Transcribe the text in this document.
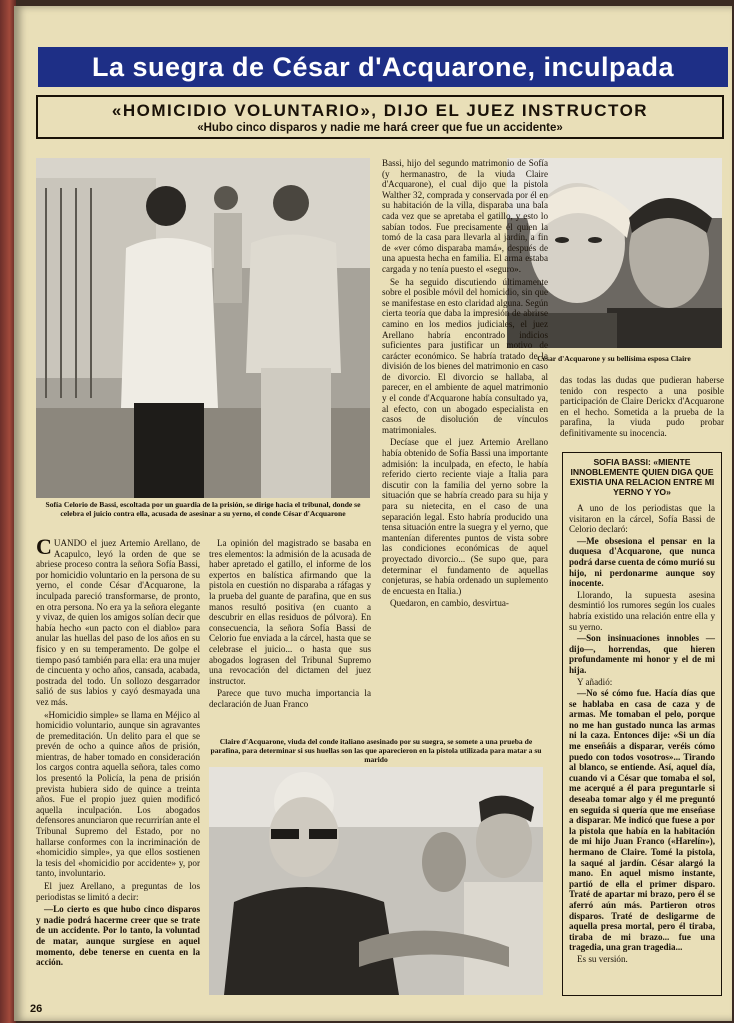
La suegra de César d'Acquarone, inculpada
«HOMICIDIO VOLUNTARIO», DIJO EL JUEZ INSTRUCTOR
«Hubo cinco disparos y nadie me hará creer que fue un accidente»
Sofía Celorio de Bassi, escoltada por un guardia de la prisión, se dirige hacia el tribunal, donde se celebra el juicio contra ella, acusada de asesinar a su yerno, el conde César d'Acquarone
César d'Acquarone y su bellísima esposa Claire
Claire d'Acquarone, viuda del conde italiano asesinado por su suegra, se somete a una prueba de parafina, para determinar si sus huellas son las que aparecieron en la pistola utilizada para matar a su marido

CUANDO el juez Artemio Arellano, de Acapulco, leyó la orden de que se abriese proceso contra la señora Sofía Bassi, por homicidio voluntario en la persona de su yerno, el conde César d'Acquarone, la inculpada pareció transformarse, de pronto, en otra persona. No era ya la señora elegante y vivaz, de quien los amigos solían decir que había hecho «un pacto con el diablo» para anular las huellas del paso de los años en su físico y en su temperamento. De golpe el tiempo pasó también para ella: era una mujer de cincuenta y ocho años, cansada, acabada, postrada del todo. Un sollozo desgarrador salió de sus labios y cayó desmayada una vez más.

«Homicidio simple» se llama en Méjico al homicidio voluntario, aunque sin agravantes de premeditación. Un delito para el que se prevén de ocho a quince años de prisión, mientras, de haber tomado en consideración los cargos contra aquella señora, tales como los presentó la Policía, la pena de prisión prevista hubiera sido de quince a treinta años. Fue el propio juez quien modificó aquella inculpación. Los abogados defensores anunciaron que recurrirían ante el Tribunal Supremo del Estado, por no hallarse conformes con la incriminación de «homicidio simple», ya que ellos sostienen la tesis del «homicidio por accidente» y, por tanto, involuntario.

El juez Arellano, a preguntas de los periodistas se limitó a decir:

—Lo cierto es que hubo cinco disparos y nadie podrá hacerme creer que se trate de un accidente. Por lo tanto, la voluntad de matar, aunque surgiese en aquel momento, debe tenerse en cuenta en la acción.

La opinión del magistrado se basaba en tres elementos: la admisión de la acusada de haber apretado el gatillo, el informe de los expertos en balística afirmando que la pistola en cuestión no disparaba a ráfagas y la prueba del guante de parafina, que en sus manos resultó positiva (en cuanto a descubrir en ellas residuos de pólvora). En consecuencia, la señora Sofía Bassi de Celorio fue enviada a la cárcel, hasta que se celebrase el juicio... o hasta que sus abogados lograsen del Tribunal Supremo una revocación del dictamen del juez instructor.

Parece que tuvo mucha importancia la declaración de Juan Franco

Bassi, hijo del segundo matrimonio de Sofía (y hermanastro, de la viuda Claire d'Acquarone), el cual dijo que la pistola Walther 32, comprada y conservada por él en su habitación de la villa, disparaba una bala cada vez que se apretaba el gatillo, y esto lo sabían todos. Fue precisamente él quien la tomó de la casa para llevarla al jardín, a fin de «ver cómo disparaba mamá», después de una apuesta hecha en familia. El arma estaba cargada y no tenía puesto el «seguro».

Se ha seguido discutiendo últimamente sobre el posible móvil del homicidio, sin que se manifestase en esto claridad alguna. Según cierta teoría que daba la impresión de abrirse camino en los medios judiciales, el juez Arellano habría encontrado indicios suficientes para justificar un motivo de carácter económico. Se habría tratado de la división de los bienes del matrimonio en caso de divorcio. El divorcio se hallaba, al parecer, en el ambiente de aquel matrimonio y el conde d'Acquarone había consultado ya, al efecto, con un abogado especialista en casos de disolución de vínculos matrimoniales.

Decíase que el juez Artemio Arellano había obtenido de Sofía Bassi una importante admisión: la inculpada, en efecto, le había referido cierto reciente viaje a Italia para discutir con la familia del yerno sobre la situación que se habría creado para su hija y para su nietecita, en el caso de una separación legal. Esto habría producido una tensa situación entre la suegra y el yerno, que mantenían diferentes puntos de vista sobre las condiciones económicas de aquel proyectado divorcio... (Se supo que, para determinar el fundamento de aquellas conjeturas, se había ordenado un suplemento de encuesta en Italia.)

Quedaron, en cambio, desvirtua-

das todas las dudas que pudieran haberse tenido con respecto a una posible participación de Claire Derickx d'Acquarone en el hecho. Sometida a la prueba de la parafina, la viuda pudo probar definitivamente su inocencia.

SOFIA BASSI: «MIENTE INNOBLEMENTE QUIEN DIGA QUE EXISTIA UNA RELACION ENTRE MI YERNO Y YO»

A uno de los periodistas que la visitaron en la cárcel, Sofía Bassi de Celorio declaró:

—Me obsesiona el pensar en la duquesa d'Acquarone, que nunca podrá darse cuenta de cómo murió su hijo, ni perdonarme aunque soy inocente.

Llorando, la supuesta asesina desmintió los rumores según los cuales habría existido una relación entre ella y su yerno.

—Son insinuaciones innobles —dijo—, horrendas, que hieren profundamente mi honor y el de mi hija.

Y añadió:

—No sé cómo fue. Hacía días que se hablaba en casa de caza y de armas. Me tomaban el pelo, porque no me han gustado nunca las armas ni la caza. Entonces dije: «Si un día me enseñáis a disparar, veréis cómo puedo con todos vosotros»... Tirando al blanco, se entiende. Así, aquel día, cuando vi a César que tomaba el sol, me acerqué a él para preguntarle si deseaba tomar algo y él me preguntó en seguida si quería que me enseñase a disparar. Me indicó que fuese a por la pistola que había en la habitación de mi hijo Juan Franco («Harelín»), hermano de Claire. Tomé la pistola, la saqué al jardín. César alargó la mano. En aquel mismo instante, partió de ella el primer disparo. Traté de apartar mi brazo, pero él se aferró aún más. Partieron otros disparos. Traté de desligarme de aquella presa mortal, pero él tiraba, tiraba de mi brazo... fue una tragedia, una gran tragedia...

Es su versión.

26
